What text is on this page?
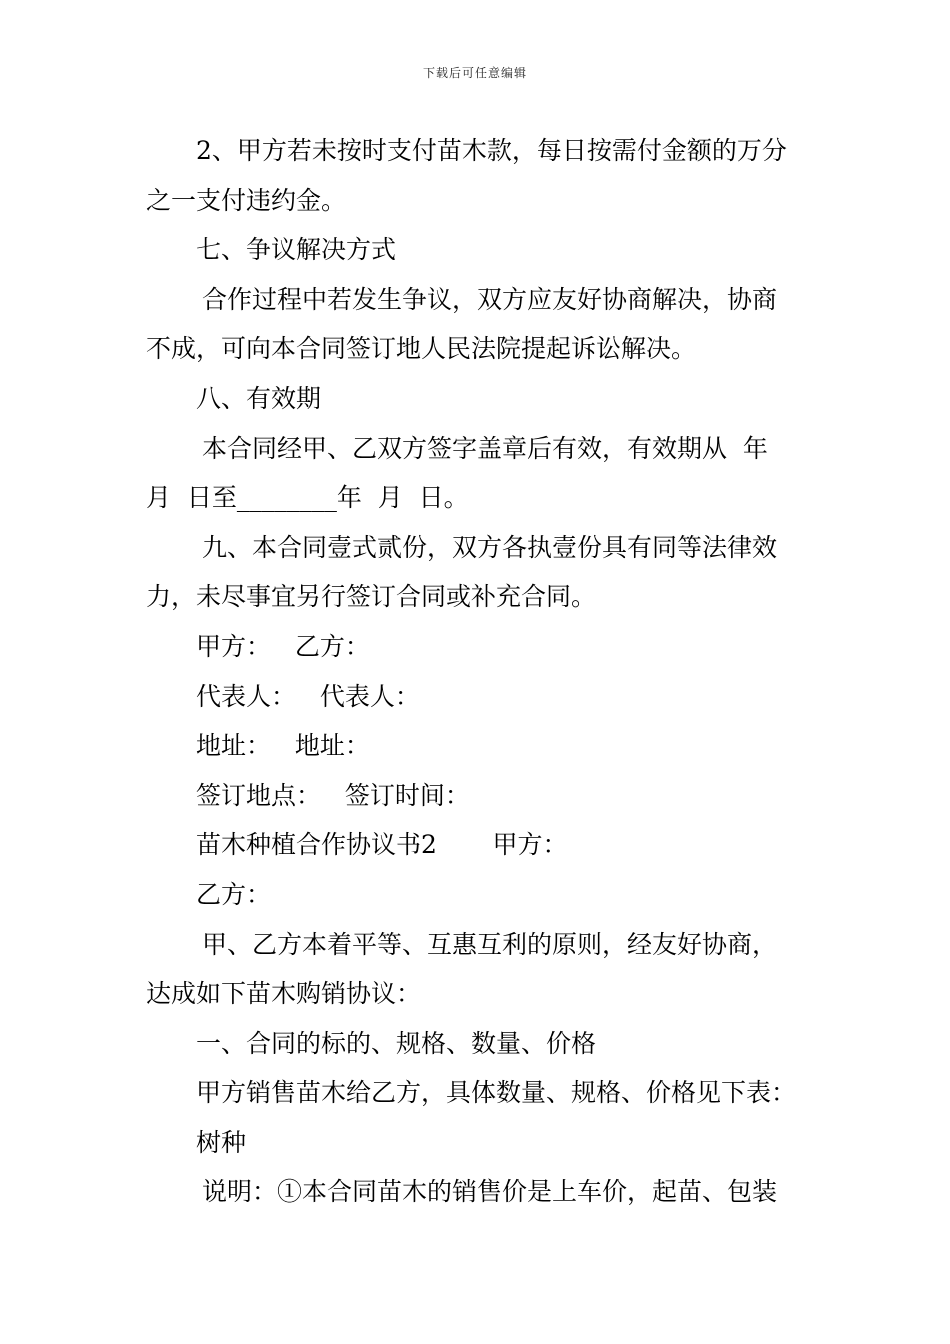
下载后可任意编辑
2、甲方若未按时支付苗木款，每日按需付金额的万分
之一支付违约金。
七、争议解决方式
合作过程中若发生争议，双方应友好协商解决，协商
不成，可向本合同签订地人民法院提起诉讼解决。
八、有效期
本合同经甲、乙双方签字盖章后有效，有效期从  年
月  日至________年  月  日。
九、本合同壹式贰份，双方各执壹份具有同等法律效
力，未尽事宜另行签订合同或补充合同。
甲方：   乙方：
代表人：   代表人：
地址：   地址：
签订地点：   签订时间：
苗木种植合作协议书2       甲方：
乙方：
甲、乙方本着平等、互惠互利的原则，经友好协商，
达成如下苗木购销协议：
一、合同的标的、规格、数量、价格
甲方销售苗木给乙方，具体数量、规格、价格见下表：
树种
说明：①本合同苗木的销售价是上车价，起苗、包装
